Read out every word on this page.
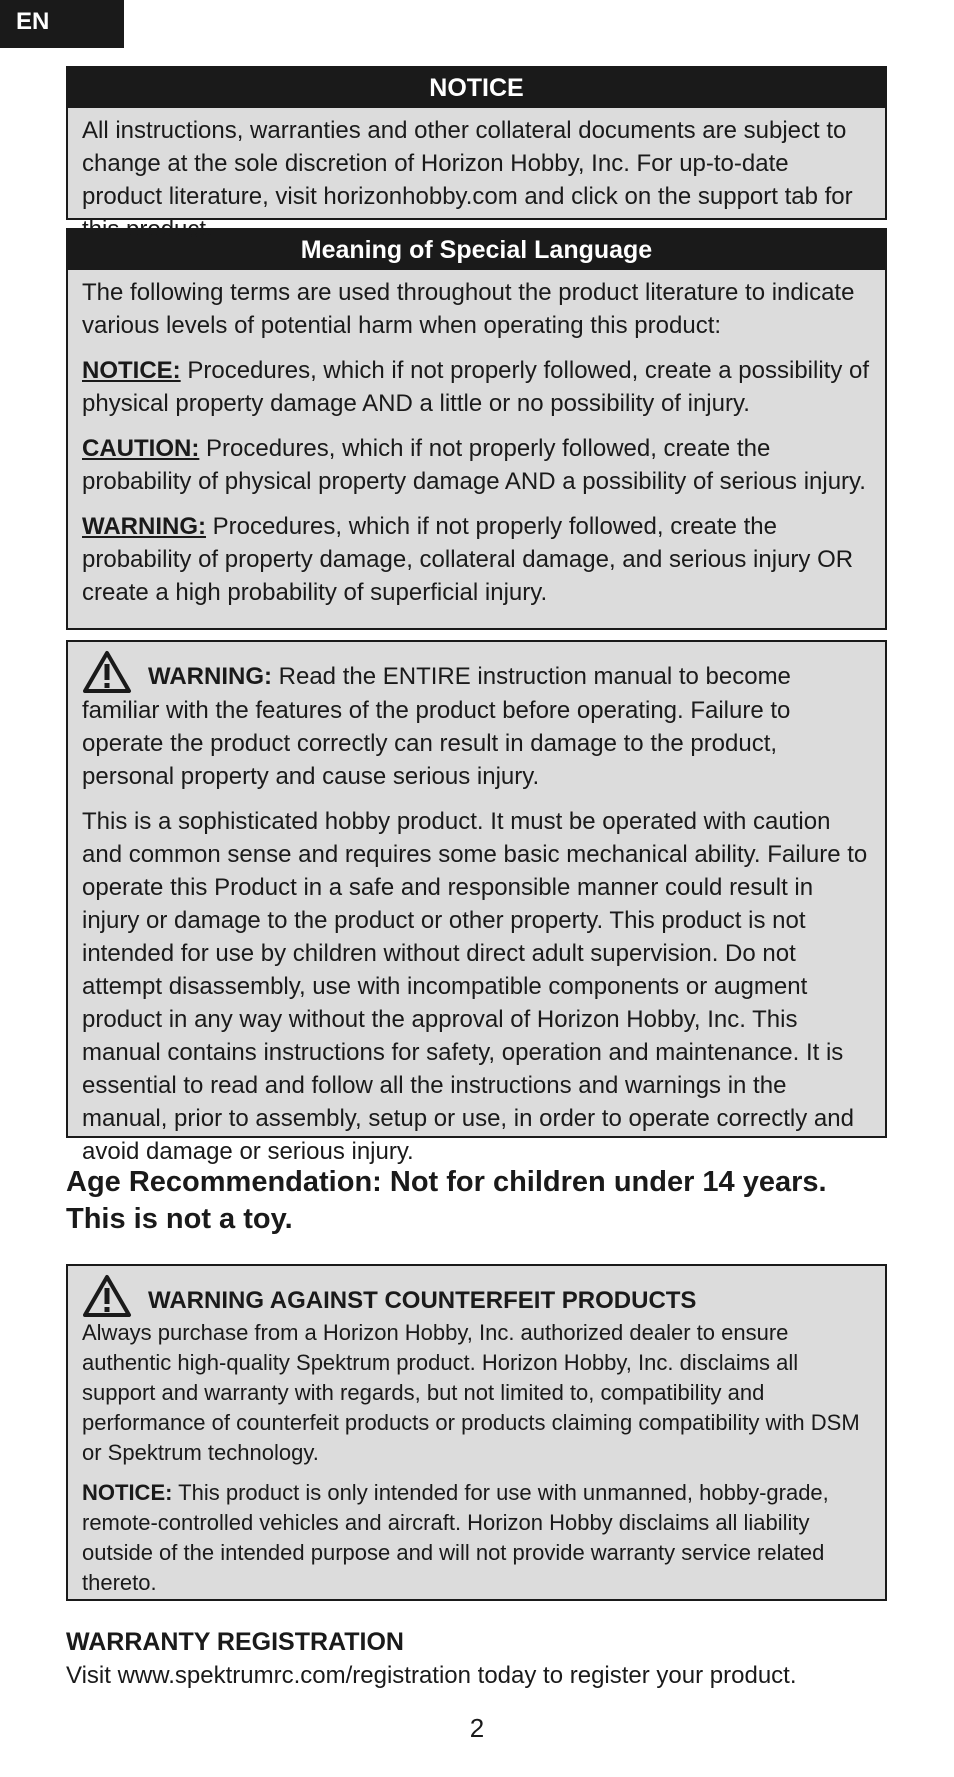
EN
NOTICE

All instructions, warranties and other collateral documents are subject to change at the sole discretion of Horizon Hobby, Inc. For up-to-date product literature, visit horizonhobby.com and click on the support tab for this product.

Meaning of Special Language

The following terms are used throughout the product literature to indicate various levels of potential harm when operating this product:

NOTICE: Procedures, which if not properly followed, create a possibility of physical property damage AND a little or no possibility of injury.

CAUTION: Procedures, which if not properly followed, create the probability of physical property damage AND a possibility of serious injury.

WARNING: Procedures, which if not properly followed, create the probability of property damage, collateral damage, and serious injury OR create a high probability of superficial injury.

WARNING: Read the ENTIRE instruction manual to become familiar with the features of the product before operating. Failure to operate the product correctly can result in damage to the product, personal property and cause serious injury.

This is a sophisticated hobby product. It must be operated with caution and common sense and requires some basic mechanical ability. Failure to operate this Product in a safe and responsible manner could result in injury or damage to the product or other property. This product is not intended for use by children without direct adult supervision. Do not attempt disassembly, use with incompatible components or augment product in any way without the approval of Horizon Hobby, Inc. This manual contains instructions for safety, operation and maintenance. It is essential to read and follow all the instructions and warnings in the manual, prior to assembly, setup or use, in order to operate correctly and avoid damage or serious injury.

Age Recommendation: Not for children under 14 years.
This is not a toy.

WARNING AGAINST COUNTERFEIT PRODUCTS

Always purchase from a Horizon Hobby, Inc. authorized dealer to ensure authentic high-quality Spektrum product. Horizon Hobby, Inc. disclaims all support and warranty with regards, but not limited to, compatibility and performance of counterfeit products or products claiming compatibility with DSM or Spektrum technology.

NOTICE: This product is only intended for use with unmanned, hobby-grade, remote-controlled vehicles and aircraft. Horizon Hobby disclaims all liability outside of the intended purpose and will not provide warranty service related thereto.

WARRANTY REGISTRATION
Visit www.spektrumrc.com/registration today to register your product.
2
